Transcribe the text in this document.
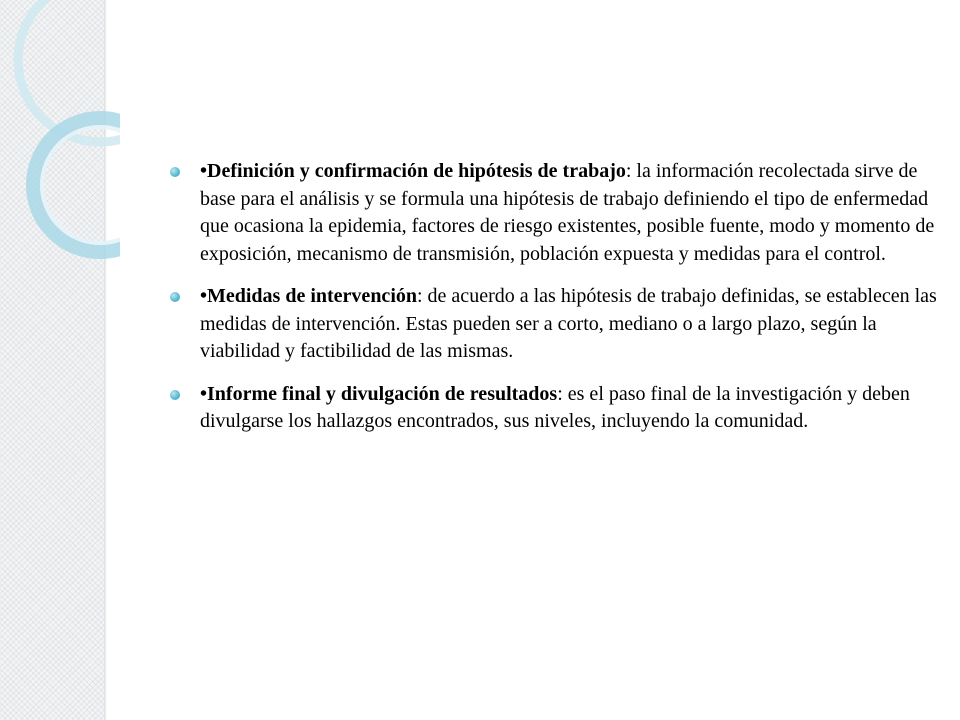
•Definición y confirmación de hipótesis de trabajo: la información recolectada sirve de base para el análisis y se formula una hipótesis de trabajo definiendo el tipo de enfermedad que ocasiona la epidemia, factores de riesgo existentes, posible fuente, modo y momento de exposición, mecanismo de transmisión, población expuesta y medidas para el control.
•Medidas de intervención: de acuerdo a las hipótesis de trabajo definidas, se establecen las medidas de intervención. Estas pueden ser a corto, mediano o a largo plazo, según la viabilidad y factibilidad de las mismas.
•Informe final y divulgación de resultados: es el paso final de la investigación y deben divulgarse los hallazgos encontrados, sus niveles, incluyendo la comunidad.
